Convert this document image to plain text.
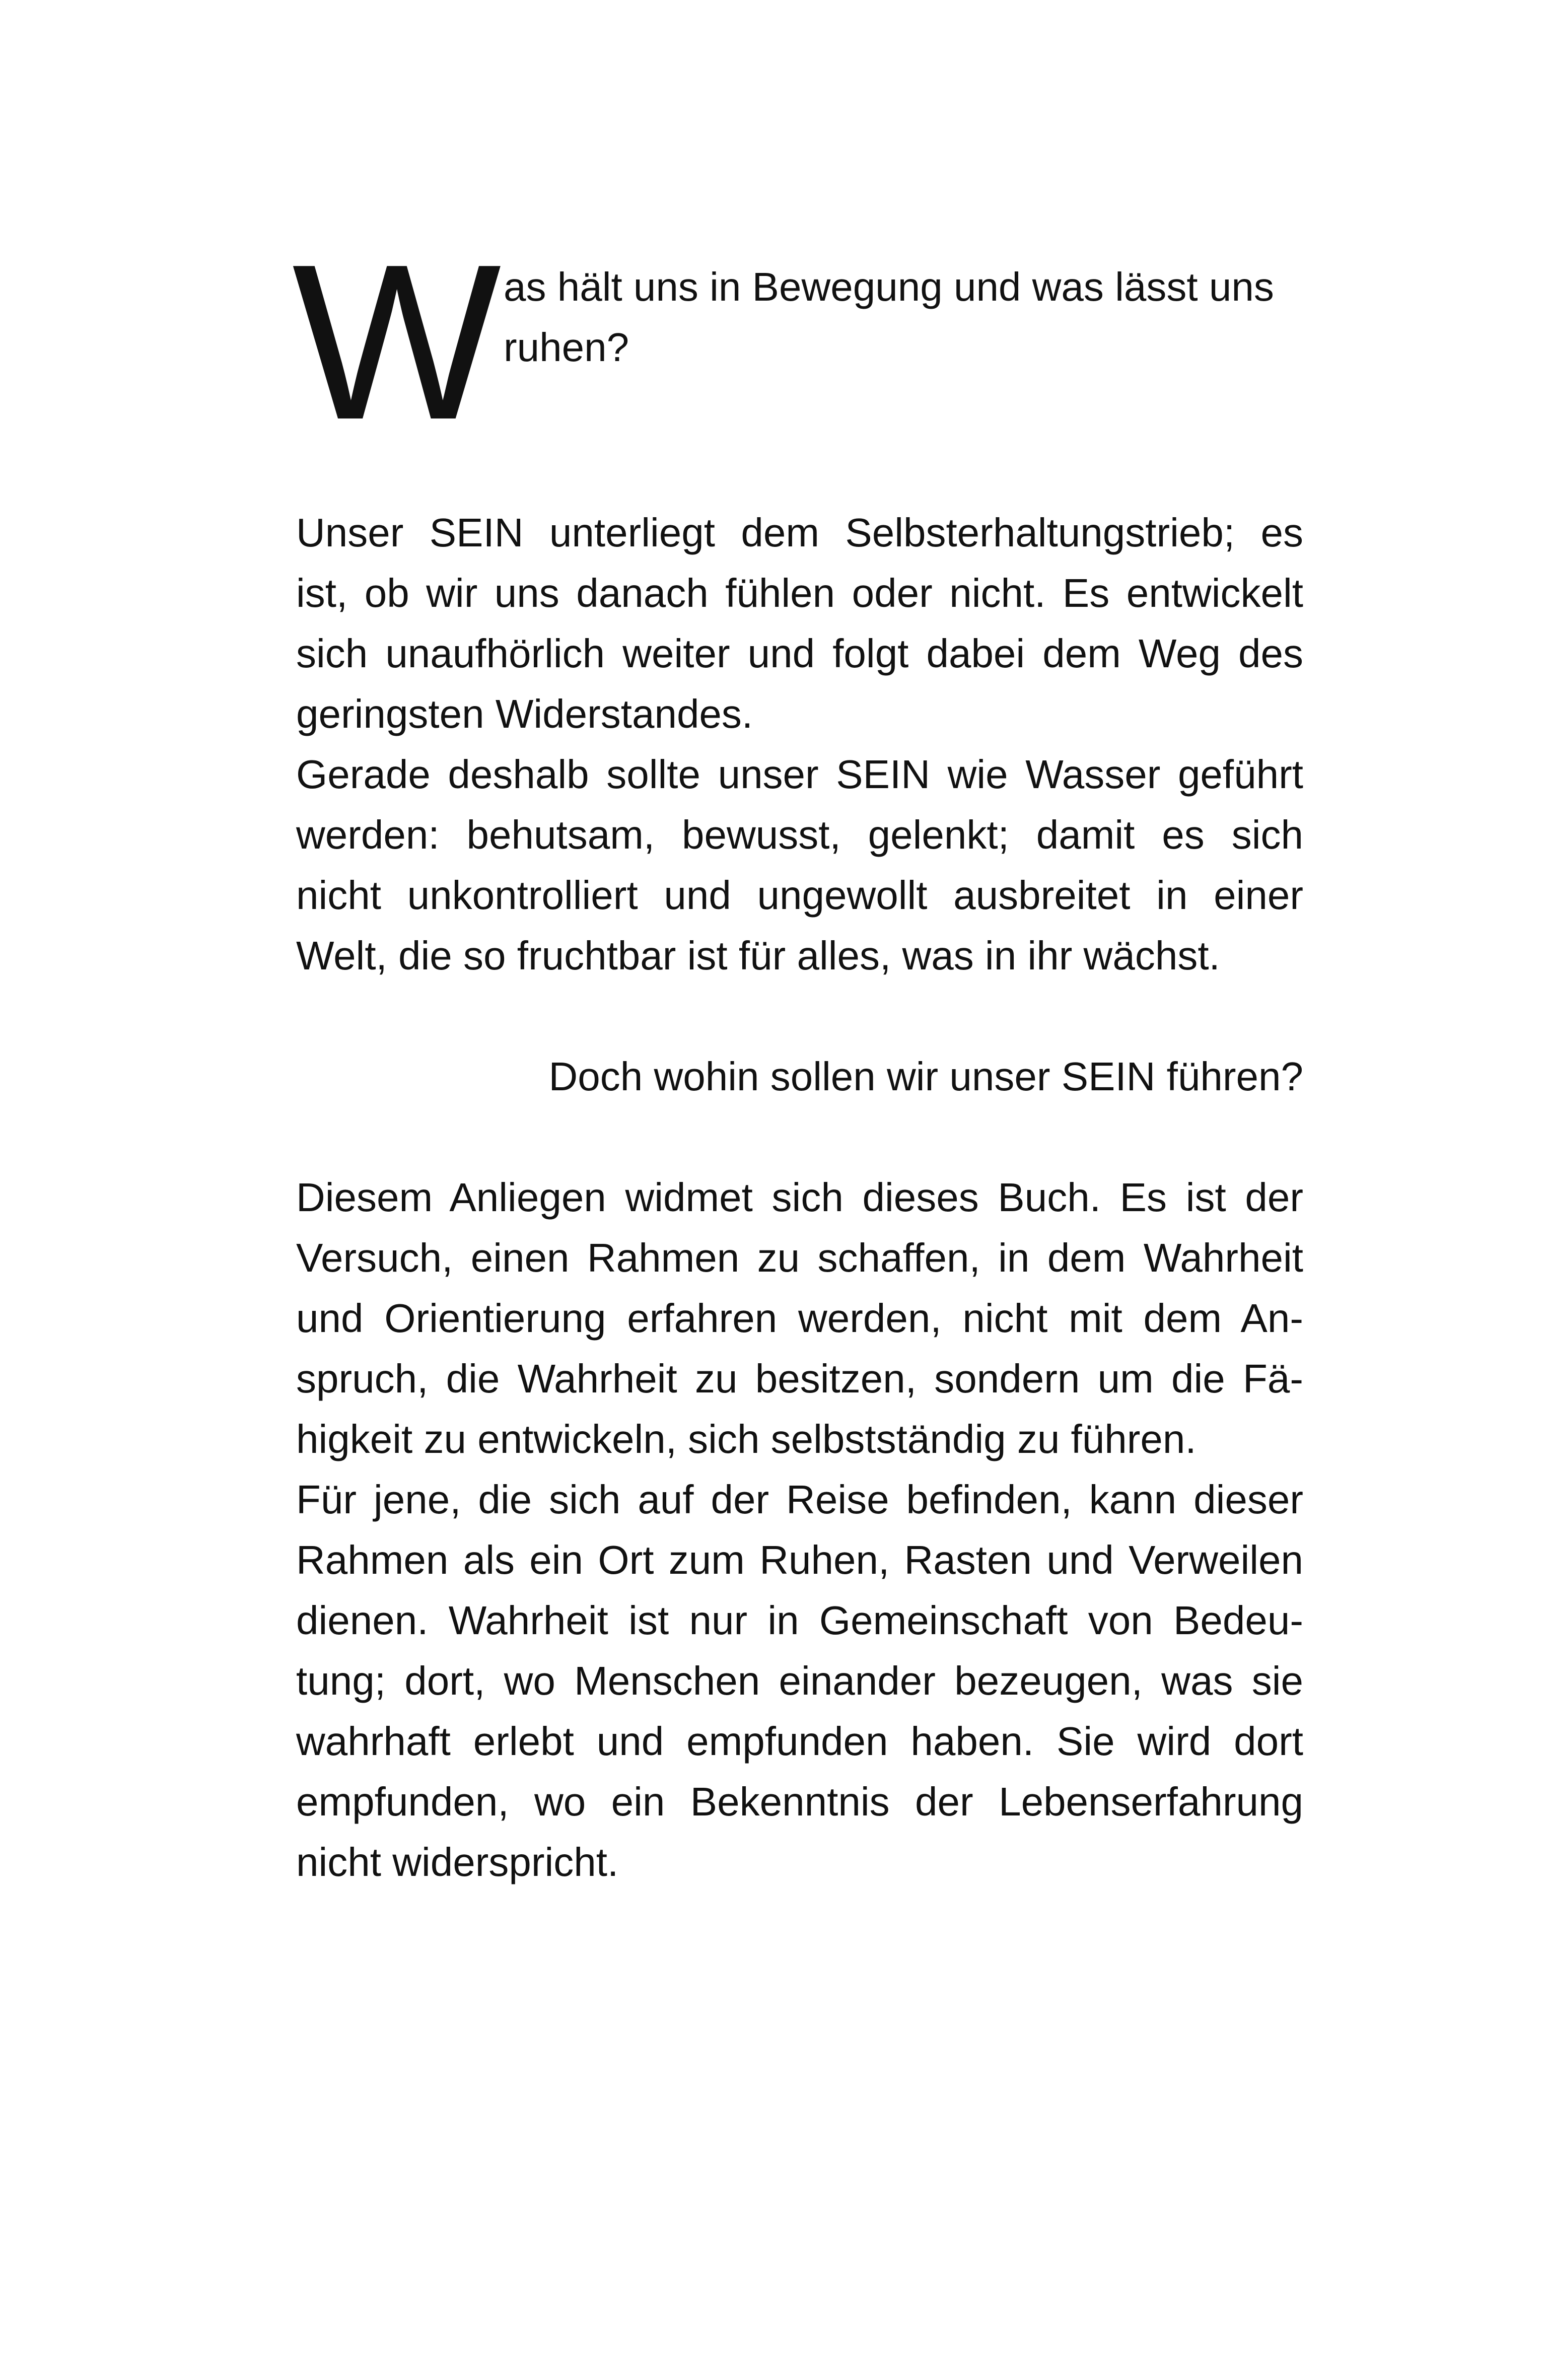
W as hält uns in Bewegung und was lässt uns
ruhen?
Unser SEIN unterliegt dem Selbsterhaltungstrieb; es
ist, ob wir uns danach fühlen oder nicht. Es entwickelt
sich unaufhörlich weiter und folgt dabei dem Weg des
geringsten Widerstandes.
Gerade deshalb sollte unser SEIN wie Wasser geführt
werden: behutsam, bewusst, gelenkt; damit es sich
nicht unkontrolliert und ungewollt ausbreitet in einer
Welt, die so fruchtbar ist für alles, was in ihr wächst.
Doch wohin sollen wir unser SEIN führen?
Diesem Anliegen widmet sich dieses Buch. Es ist der
Versuch, einen Rahmen zu schaffen, in dem Wahrheit
und Orientierung erfahren werden, nicht mit dem An-
spruch, die Wahrheit zu besitzen, sondern um die Fä-
higkeit zu entwickeln, sich selbstständig zu führen.
Für jene, die sich auf der Reise befinden, kann dieser
Rahmen als ein Ort zum Ruhen, Rasten und Verweilen
dienen. Wahrheit ist nur in Gemeinschaft von Bedeu-
tung; dort, wo Menschen einander bezeugen, was sie
wahrhaft erlebt und empfunden haben. Sie wird dort
empfunden, wo ein Bekenntnis der Lebenserfahrung
nicht widerspricht.
